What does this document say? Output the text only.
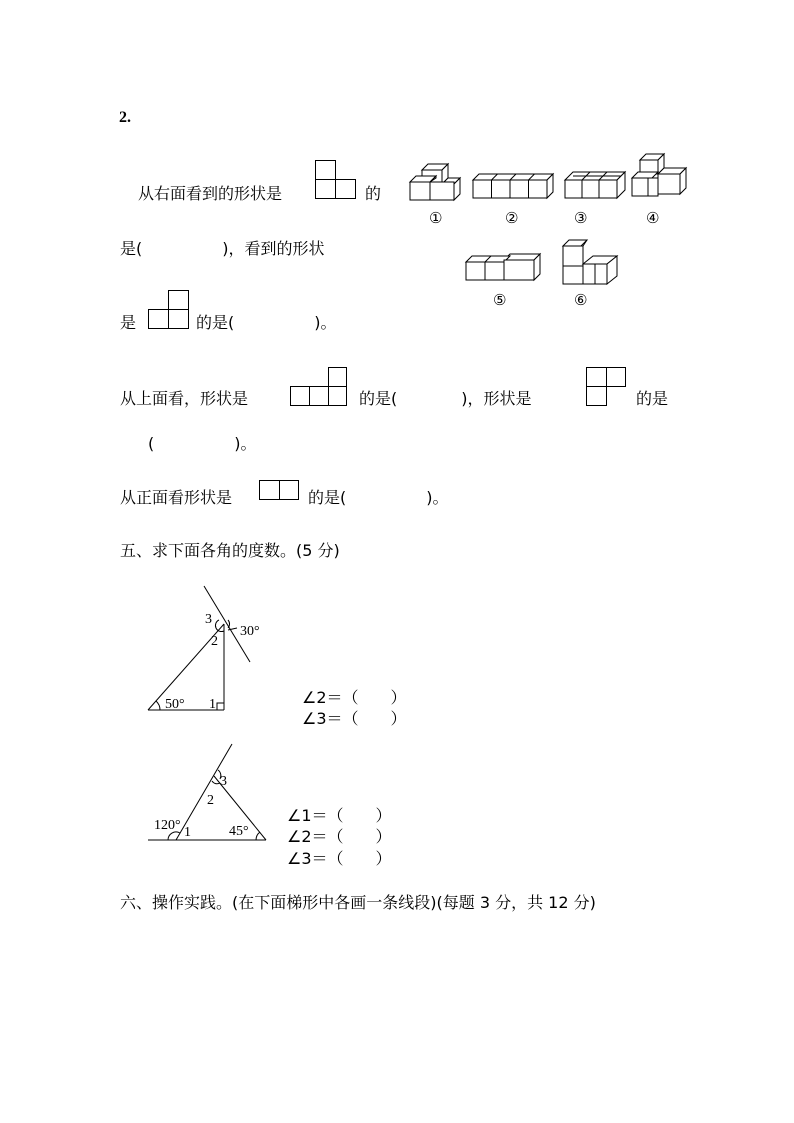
2.
从右面看到的形状是	的
是(　　　　　)，看到的形状
是	的是(　　　　　)。
①	②	③	④
⑤	⑥
从上面看，形状是	的是(　　　　)，形状是	的是
(　　　　　)。
从正面看形状是	的是(　　　　　)。
五、求下面各角的度数。(5 分)
50° 1
2
3
30°
∠2＝（　　）
∠3＝（　　）
120° 1
2
3
45°
∠1＝（　　）
∠2＝（　　）
∠3＝（　　）
六、操作实践。(在下面梯形中各画一条线段)(每题 3 分，共 12 分)
